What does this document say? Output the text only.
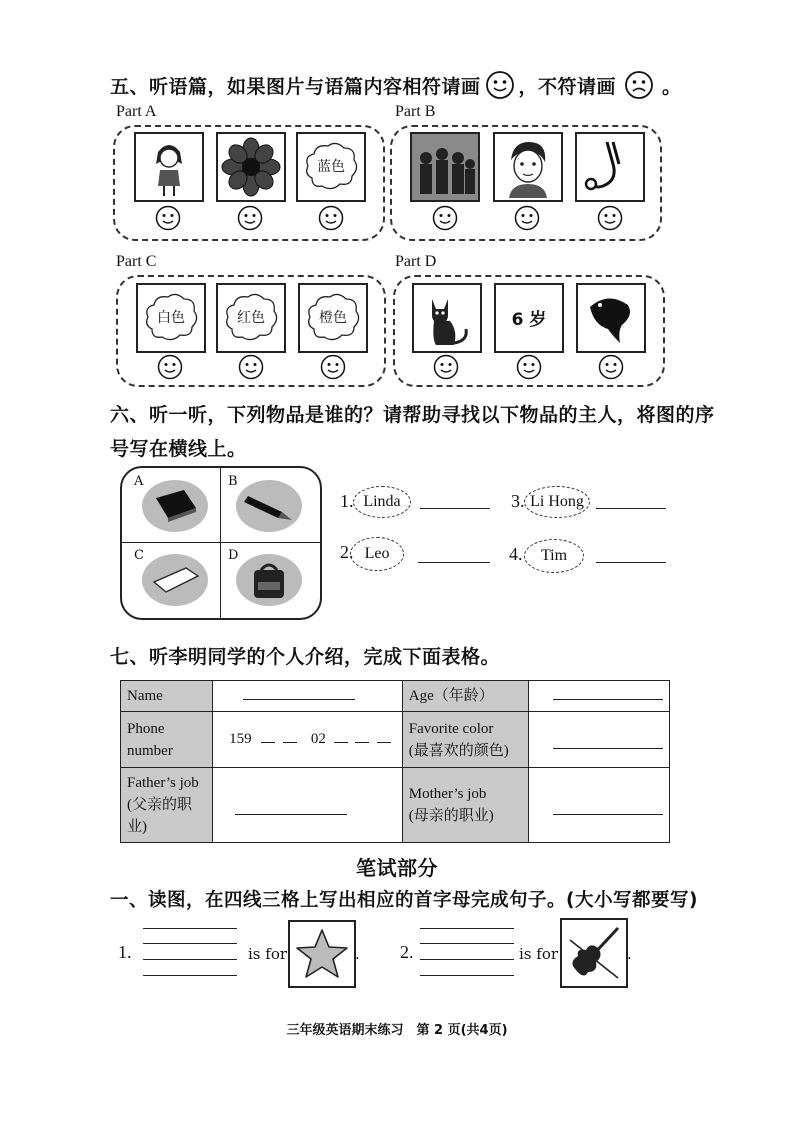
五、听语篇，如果图片与语篇内容相符请画 ，不符请画 。
Part A
蓝色
Part B
Part C
白色	红色	橙色
Part D
6 岁
六、听一听，下列物品是谁的？请帮助寻找以下物品的主人，将图的序
号写在横线上。
A	B
C	D
1. Linda	3. Li Hong
2. Leo	4.	Tim
七、听李明同学的个人介绍，完成下面表格。
Name		Age（年龄）	
Phone
number	159 02	Favorite color
(最喜欢的颜色)	
Father’s job
(父亲的职业)		Mother’s job
(母亲的职业)	
笔试部分
一、读图，在四线三格上写出相应的首字母完成句子。(大小写都要写)
1.	is for	. 2.	is for	.
三年级英语期末练习　第 2 页(共4页)
